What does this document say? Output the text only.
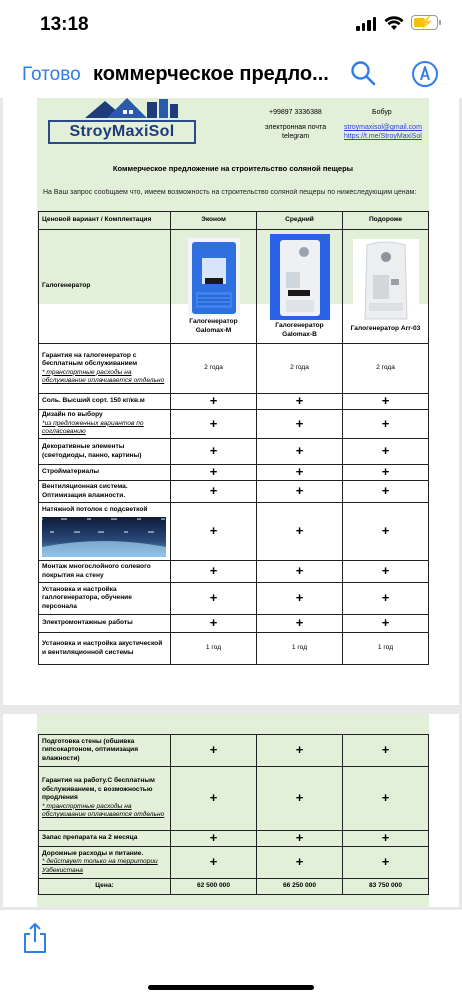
13:18	⚡
Готово коммерческое предло...
StroyMaxiSol
+99897 3336388	Бобур
электронная почта
telegram
stroymaxisol@gmail.com
https://t.me/StroyMaxiSol
Коммерческое предложение на строительство соляной пещеры
На Ваш запрос сообщаем что, имеем возможность на строительство соляной пещеры по нижеследующим ценам:
Ценовой вариант / Комплектация	Эконом	Средний	Подороже
Галогенератор	Галогенератор Galomax-M	Галогенератор Galomax-B	Галогенератор Arr-03

Гарантия на галогенератор с бесплатным обслуживанием
* транспортные расходы на обслуживание оплачивается отдельно	2 года	2 года	2 года
Соль. Высший сорт. 150 кг/кв.м	+	+	+
Дизайн по выбору
*из предложенных вариантов по согласованию	+	+	+
Декоративные элементы (светодиоды, панно, картины)	+	+	+
Стройматериалы	+	+	+
Вентиляционная система. Оптимизация влажности.	+	+	+
Натяжной потолок с подсветкой	+	+	+
Монтаж многослойного солевого покрытия на стену	+	+	+
Установка и настройка галлогенератора, обучение персонала	+	+	+
Электромонтажные работы	+	+	+
Установка и настройка акустической и вентиляционной системы	1 год	1 год	1 год
Подготовка стены (обшивка гипсокартоном, оптимизация влажности)	+	+	+
Гарантия на работу.С бесплатным обслуживанием, с возможностью продления
* транспортные расходы на обслуживание оплачивается отдельно	+	+	+
Запас препарата на 2 месяца	+	+	+
Дорожные расходы и питание.
* действует только на территории Узбекистана	+	+	+
Цена:	62 500 000	66 250 000	83 750 000
